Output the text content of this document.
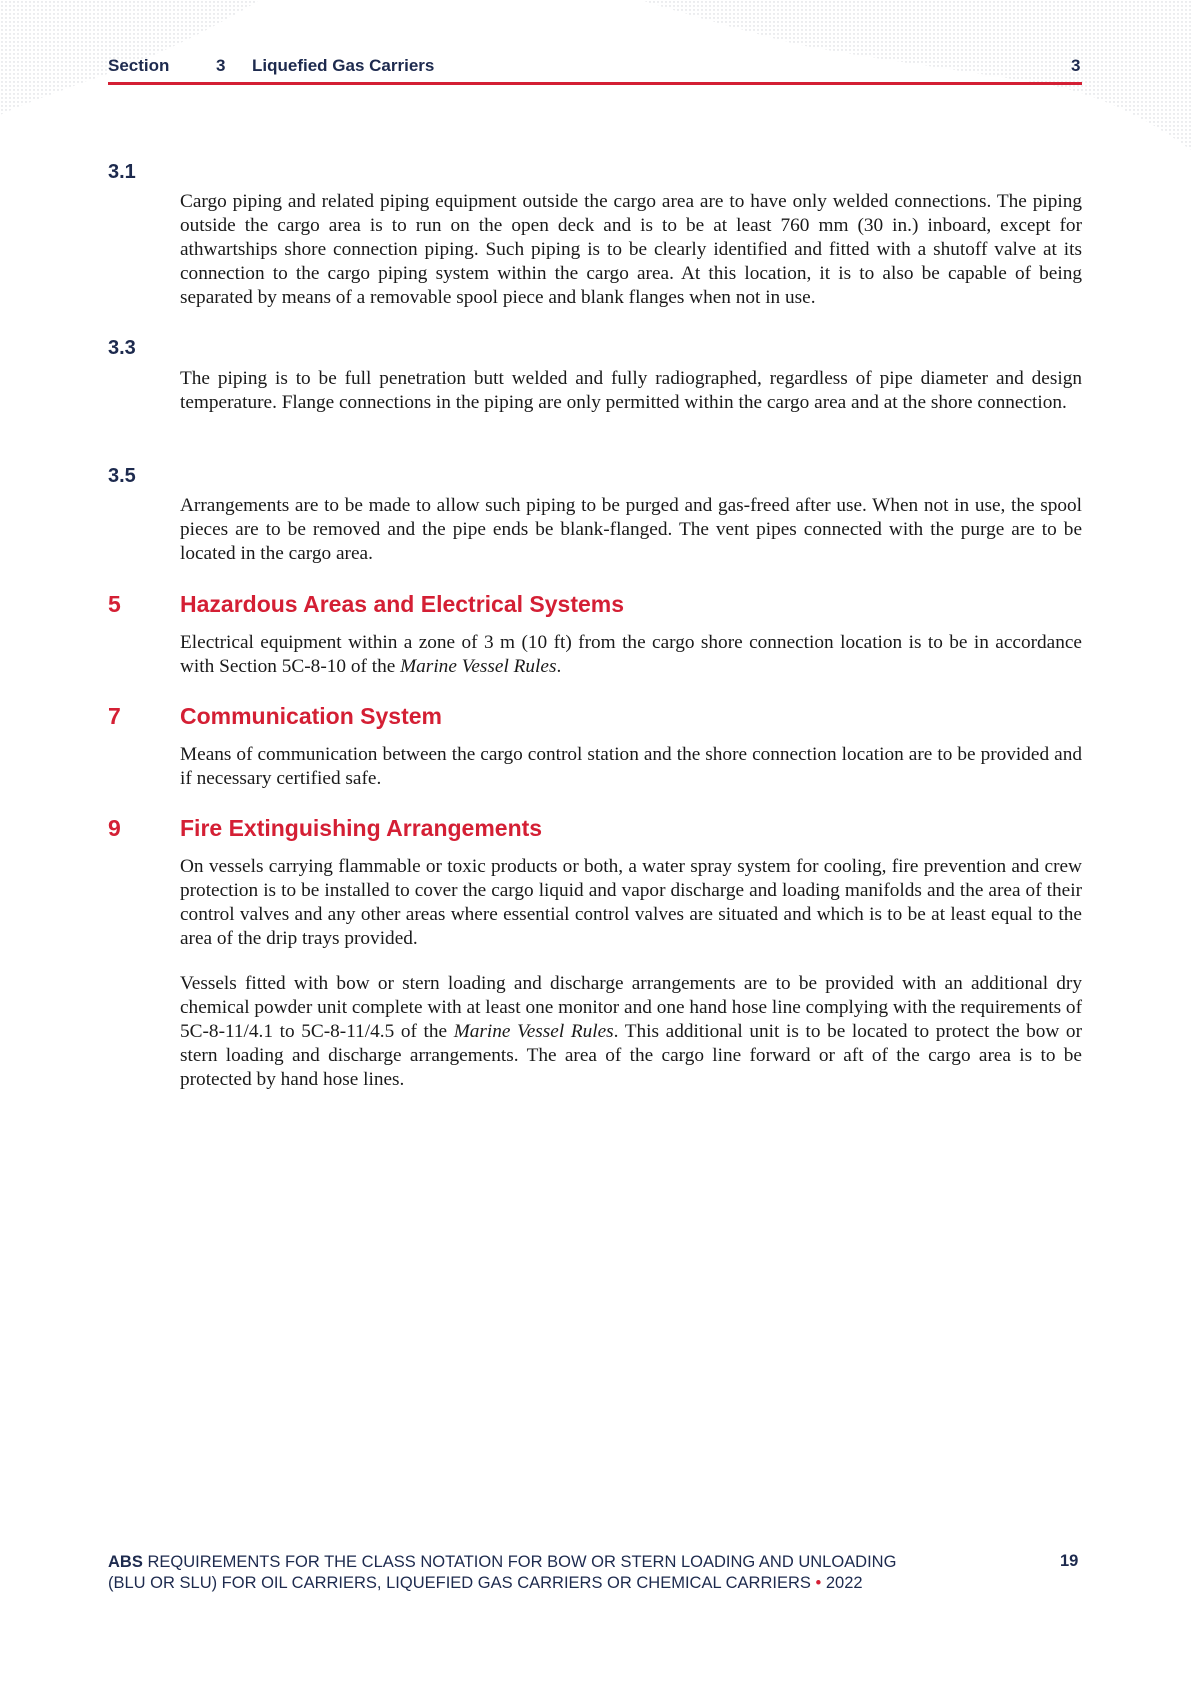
Section	3 Liquefied Gas Carriers	3
3.1

Cargo piping and related piping equipment outside the cargo area are to have only welded connections. The piping outside the cargo area is to run on the open deck and is to be at least 760 mm (30 in.) inboard, except for athwartships shore connection piping. Such piping is to be clearly identified and fitted with a shutoff valve at its connection to the cargo piping system within the cargo area. At this location, it is to also be capable of being separated by means of a removable spool piece and blank flanges when not in use.

3.3

The piping is to be full penetration butt welded and fully radiographed, regardless of pipe diameter and design temperature. Flange connections in the piping are only permitted within the cargo area and at the shore connection.

3.5

Arrangements are to be made to allow such piping to be purged and gas-freed after use. When not in use, the spool pieces are to be removed and the pipe ends be blank-flanged. The vent pipes connected with the purge are to be located in the cargo area.

5	Hazardous Areas and Electrical Systems

Electrical equipment within a zone of 3 m (10 ft) from the cargo shore connection location is to be in accordance with Section 5C-8-10 of the Marine Vessel Rules.

7	Communication System

Means of communication between the cargo control station and the shore connection location are to be provided and if necessary certified safe.

9	Fire Extinguishing Arrangements

On vessels carrying flammable or toxic products or both, a water spray system for cooling, fire prevention and crew protection is to be installed to cover the cargo liquid and vapor discharge and loading manifolds and the area of their control valves and any other areas where essential control valves are situated and which is to be at least equal to the area of the drip trays provided.

Vessels fitted with bow or stern loading and discharge arrangements are to be provided with an additional dry chemical powder unit complete with at least one monitor and one hand hose line complying with the requirements of 5C-8-11/4.1 to 5C-8-11/4.5 of the Marine Vessel Rules. This additional unit is to be located to protect the bow or stern loading and discharge arrangements. The area of the cargo line forward or aft of the cargo area is to be protected by hand hose lines.

ABS REQUIREMENTS FOR THE CLASS NOTATION FOR BOW OR STERN LOADING AND UNLOADING
(BLU OR SLU) FOR OIL CARRIERS, LIQUEFIED GAS CARRIERS OR CHEMICAL CARRIERS • 2022
19
